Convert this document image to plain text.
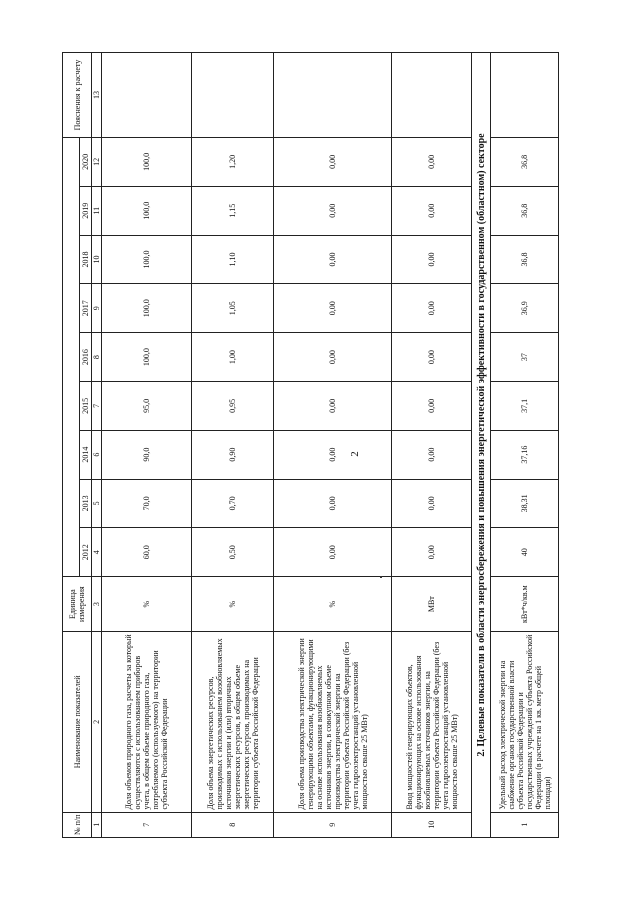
2
№ п/п	Наименование показателей	Единица измерения										Пояснения к расчету
			2012	2013	2014	2015	2016	2017	2018	2019	2020	
1	2	3	4	5	6	7	8	9	10	11	12	13
7	Доля объемов природного газа, расчеты за который осуществляются с использованием приборов учета, в общем объеме природного газа, потребляемого (используемого) на территории субъекта Российской Федерации	%	60,0	70,0	90,0	95,0	100,0	100,0	100,0	100,0	100,0	
8	Доля объема энергетических ресурсов, производимых с использованием возобновляемых источников энергии и (или) вторичных энергетических ресурсов, в общем объеме энергетических ресурсов, производимых на территории субъекта Российской Федерации	%	0,50	0,70	0,90	0,95	1,00	1,05	1,10	1,15	1,20	
9	Доля объема производства электрической энергии генерирующими объектами, функционирующими на основе использования возобновляемых источников энергии, в совокупном объеме производства электрической энергии на территории субъекта Российской Федерации (без учета гидроэлектростанций установленной мощностью свыше 25 МВт)	%	0,00	0,00	0,00	0,00	0,00	0,00	0,00	0,00	0,00	
10	Ввод мощностей генерирующих объектов, функционирующих на основе использования возобновляемых источников энергии, на территории субъекта Российской Федерации (без учета гидроэлектростанций установленной мощностью свыше 25 МВт)	МВт	0,00	0,00	0,00	0,00	0,00	0,00	0,00	0,00	0,00	
2. Целевые показатели в области энергосбережения и повышения энергетической эффективности в государственном (областном) секторе												
1	Удельный расход электрической энергии на снабжение органов государственной власти субъекта Российской Федерации и государственных учреждений субъекта Российской Федерации (в расчете на 1 кв. метр общей площади)	кВт*ч/кв.м	40	38,31	37,16	37,1	37	36,9	36,8	36,8	36,8	
